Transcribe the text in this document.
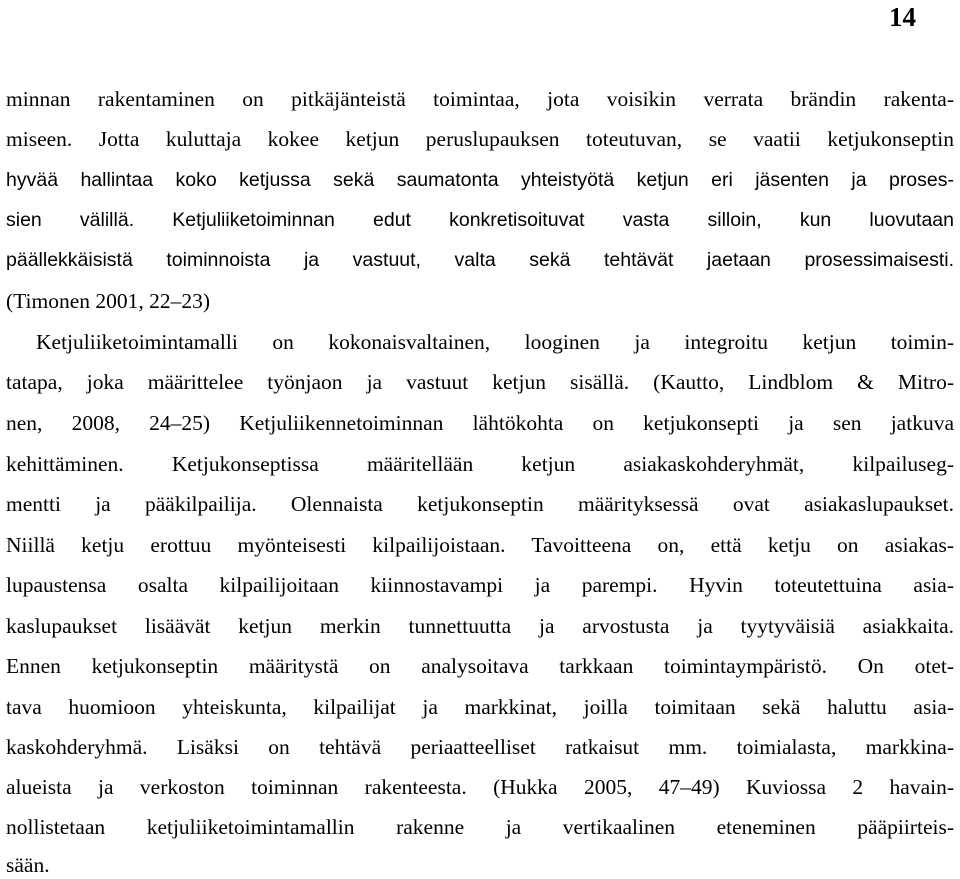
14
minnan rakentaminen on pitkäjänteistä toimintaa, jota voisikin verrata brändin rakenta-
miseen. Jotta kuluttaja kokee ketjun peruslupauksen toteutuvan, se vaatii ketjukonseptin
hyvää hallintaa koko ketjussa sekä saumatonta yhteistyötä ketjun eri jäsenten ja proses-
sien välillä. Ketjuliiketoiminnan edut konkretisoituvat vasta silloin, kun luovutaan
päällekkäisistä toiminnoista ja vastuut, valta sekä tehtävät jaetaan prosessimaisesti.
(Timonen 2001, 22–23)
Ketjuliiketoimintamalli on kokonaisvaltainen, looginen ja integroitu ketjun toimin-
tatapa, joka määrittelee työnjaon ja vastuut ketjun sisällä. (Kautto, Lindblom & Mitro-
nen, 2008, 24–25) Ketjuliikennetoiminnan lähtökohta on ketjukonsepti ja sen jatkuva
kehittäminen. Ketjukonseptissa määritellään ketjun asiakaskohderyhmät, kilpailuseg-
mentti ja pääkilpailija. Olennaista ketjukonseptin määrityksessä ovat asiakaslupaukset.
Niillä ketju erottuu myönteisesti kilpailijoistaan. Tavoitteena on, että ketju on asiakas-
lupaustensa osalta kilpailijoitaan kiinnostavampi ja parempi. Hyvin toteutettuina asia-
kaslupaukset lisäävät ketjun merkin tunnettuutta ja arvostusta ja tyytyväisiä asiakkaita.
Ennen ketjukonseptin määritystä on analysoitava tarkkaan toimintaympäristö. On otet-
tava huomioon yhteiskunta, kilpailijat ja markkinat, joilla toimitaan sekä haluttu asia-
kaskohderyhmä. Lisäksi on tehtävä periaatteelliset ratkaisut mm. toimialasta, markkina-
alueista ja verkoston toiminnan rakenteesta. (Hukka 2005, 47–49) Kuviossa 2 havain-
nollistetaan ketjuliiketoimintamallin rakenne ja vertikaalinen eteneminen pääpiirteis-
sään.
